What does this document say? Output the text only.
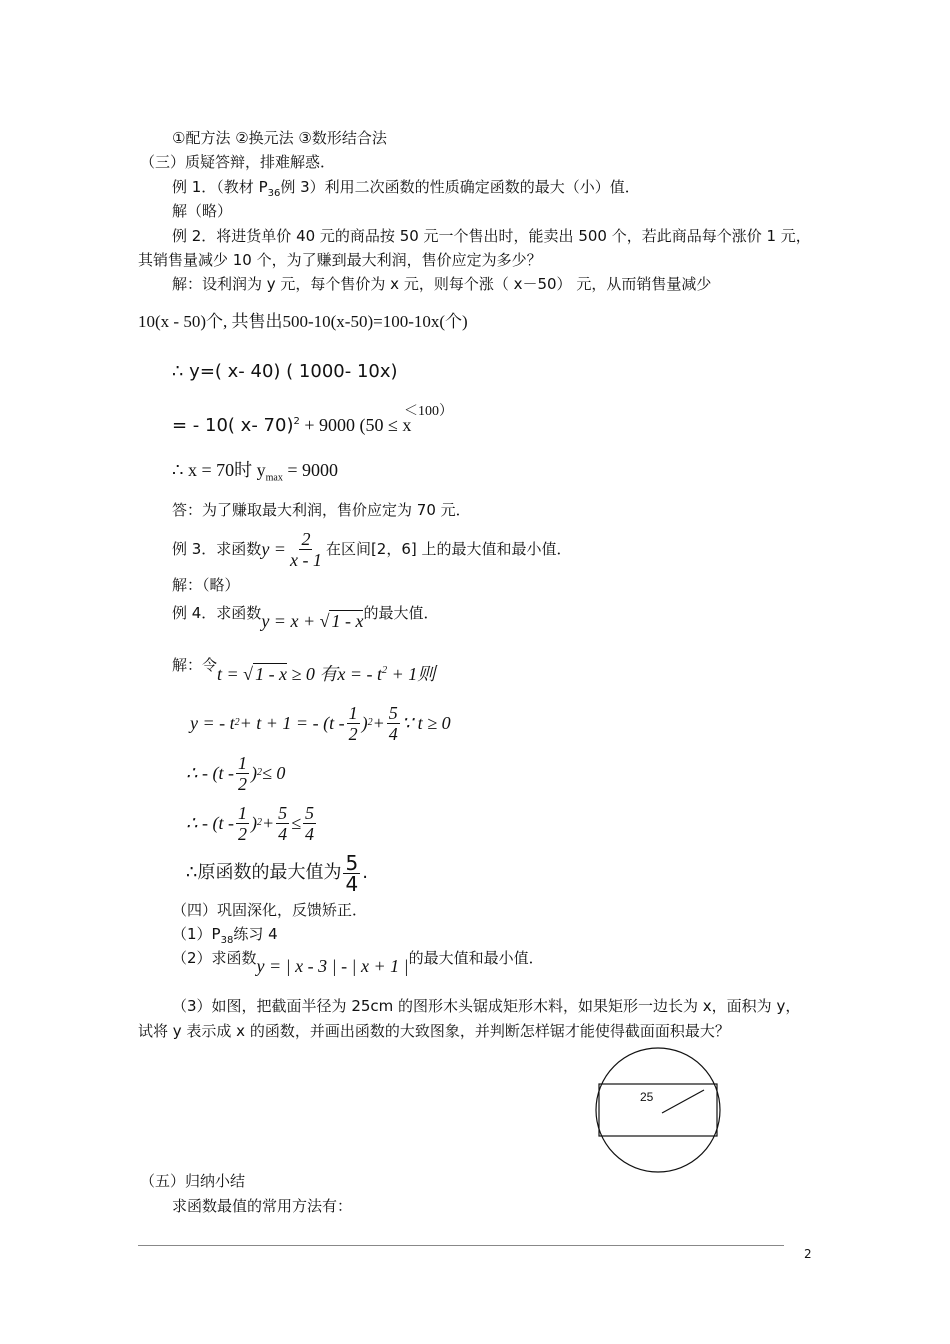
①配方法 ②换元法 ③数形结合法
（三）质疑答辩，排难解惑．
例 1．（教材 $P_{36}$例 3）利用二次函数的性质确定函数的最大（小）值．
解（略）
例 2．将进货单价 40 元的商品按 50 元一个售出时，能卖出 500 个，若此商品每个涨价 1 元，
其销售量减少 10 个，为了赚到最大利润，售价应定为多少？
解：设利润为 y 元，每个售价为 x 元，则每个涨（ x－50） 元，从而销售量减少
10(x - 50)个, 共售出500-10(x-50)=100-10x(个)
∴ y=( x- 40) ( 1000- 10x)
= - 10( x- 70)$^2$ + 9000 (50 ≤ x
＜100）
∴ x = 70时 $y_{max} = 9000$
答：为了赚取最大利润，售价应定为 70 元．
例 3．求函数 $y = \frac{2}{x - 1}$ 在区间[2，6] 上的最大值和最小值．
解：（略）
例 4．求函数 y = x + √ 1 - x 的最大值．
解：令 t = √ 1 - x ≥ 0 有x = - $t^2 + 1$则
y = - t 2 + t + 1 = - ($t - \frac{1}{2}$ ) $2 + \frac{5}{4}$ ∵ t ≥ 0
∴ - ($t - \frac{1}{2}$ ) 2 ≤ 0
∴ - ($t - \frac{1}{2}$ ) $2 + \frac{5}{4} \le \frac{5}{4}$
∴原函数的最大值为 $\frac{5}{4}$ .
（四）巩固深化，反馈矫正．
$(1)P_{38}$练习 4
（2）求函数 y = | x - 3 | - | x + 1 | 的最大值和最小值．
（3）如图，把截面半径为 25cm 的图形木头锯成矩形木料，如果矩形一边长为 x，面积为 y，
试将 y 表示成 x 的函数，并画出函数的大致图象，并判断怎样锯才能使得截面面积最大？
25
（五）归纳小结
求函数最值的常用方法有：
2
